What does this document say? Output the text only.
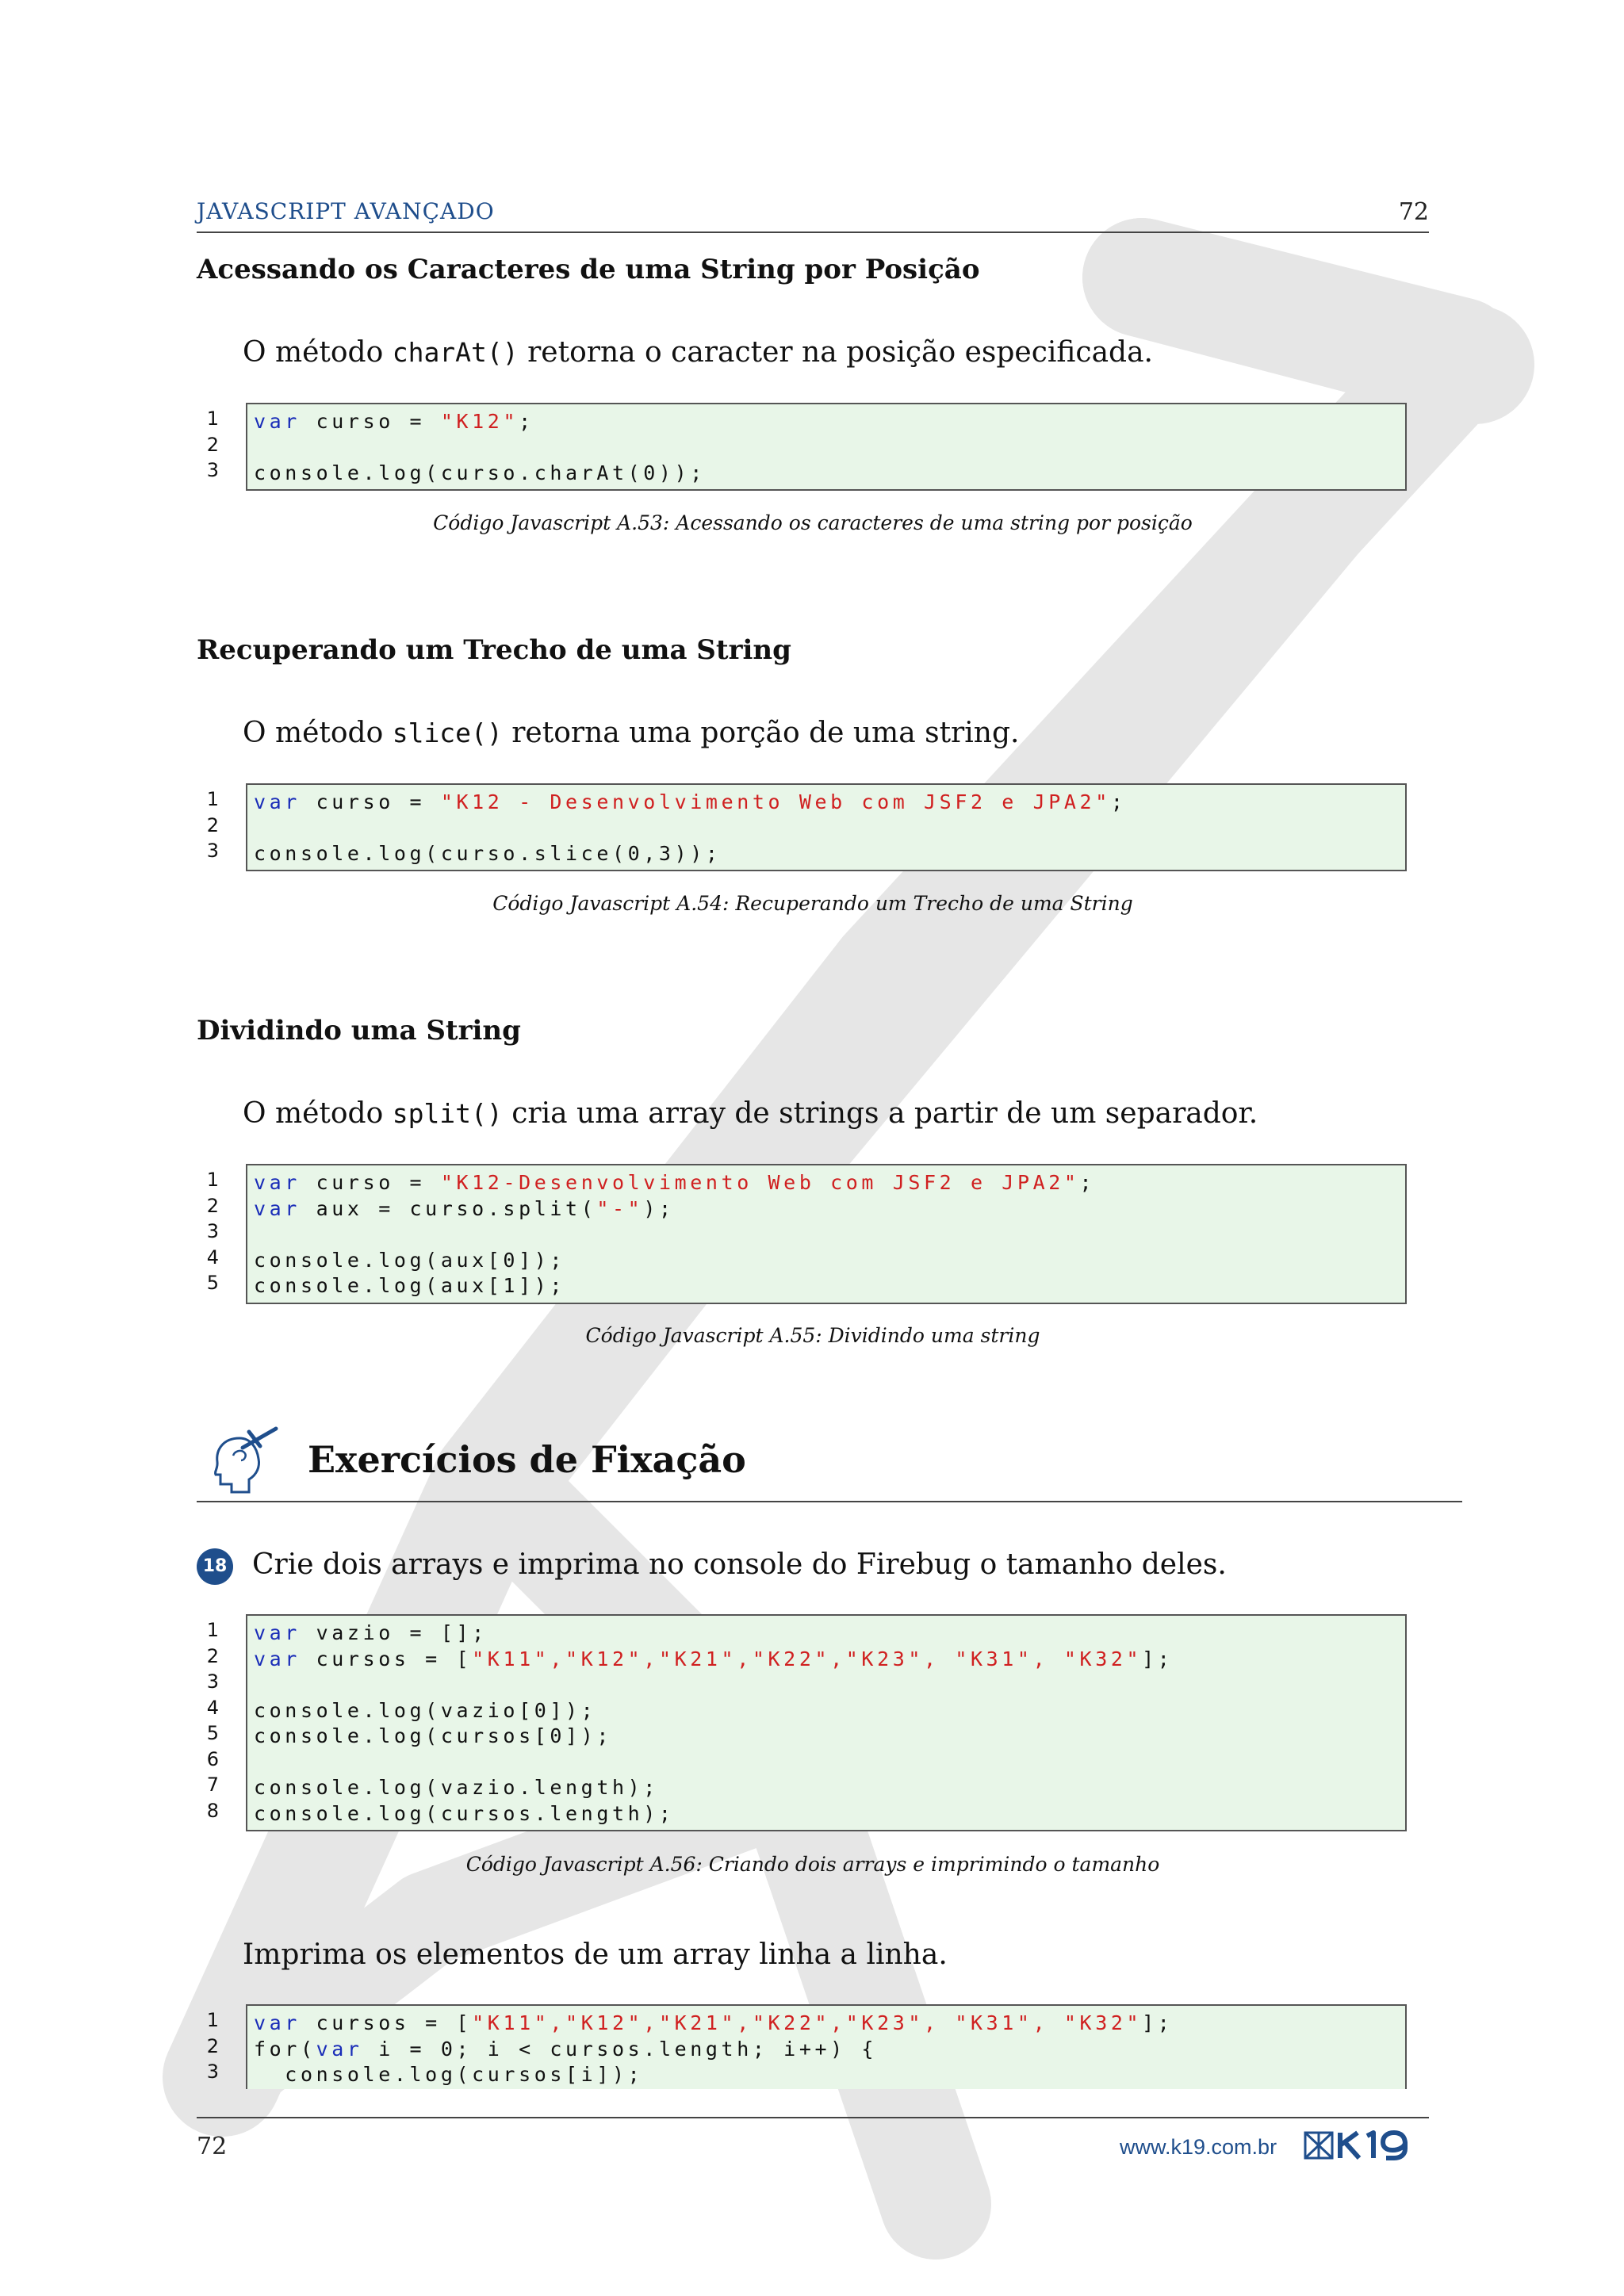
JAVASCRIPT AVANÇADO	72
Acessando os Caracteres de uma String por Posição
O método charAt() retorna o caracter na posição especificada.
1
2
3
var curso = "K12";

console.log(curso.charAt(0));
Código Javascript A.53: Acessando os caracteres de uma string por posição
Recuperando um Trecho de uma String
O método slice() retorna uma porção de uma string.
1
2
3
var curso = "K12 - Desenvolvimento Web com JSF2 e JPA2";

console.log(curso.slice(0,3));
Código Javascript A.54: Recuperando um Trecho de uma String
Dividindo uma String
O método split() cria uma array de strings a partir de um separador.
1
2
3
4
5
var curso = "K12-Desenvolvimento Web com JSF2 e JPA2";
var aux = curso.split("-");

console.log(aux[0]);
console.log(aux[1]);
Código Javascript A.55: Dividindo uma string
Exercícios de Fixação
18 Crie dois arrays e imprima no console do Firebug o tamanho deles.
1
2
3
4
5
6
7
8
var vazio = [];
var cursos = ["K11","K12","K21","K22","K23", "K31", "K32"];

console.log(vazio[0]);
console.log(cursos[0]);

console.log(vazio.length);
console.log(cursos.length);
Código Javascript A.56: Criando dois arrays e imprimindo o tamanho
Imprima os elementos de um array linha a linha.
1
2
3
var cursos = ["K11","K12","K21","K22","K23", "K31", "K32"];
for(var i = 0; i < cursos.length; i++) {
console.log(cursos[i]);
72	www.k19.com.br
